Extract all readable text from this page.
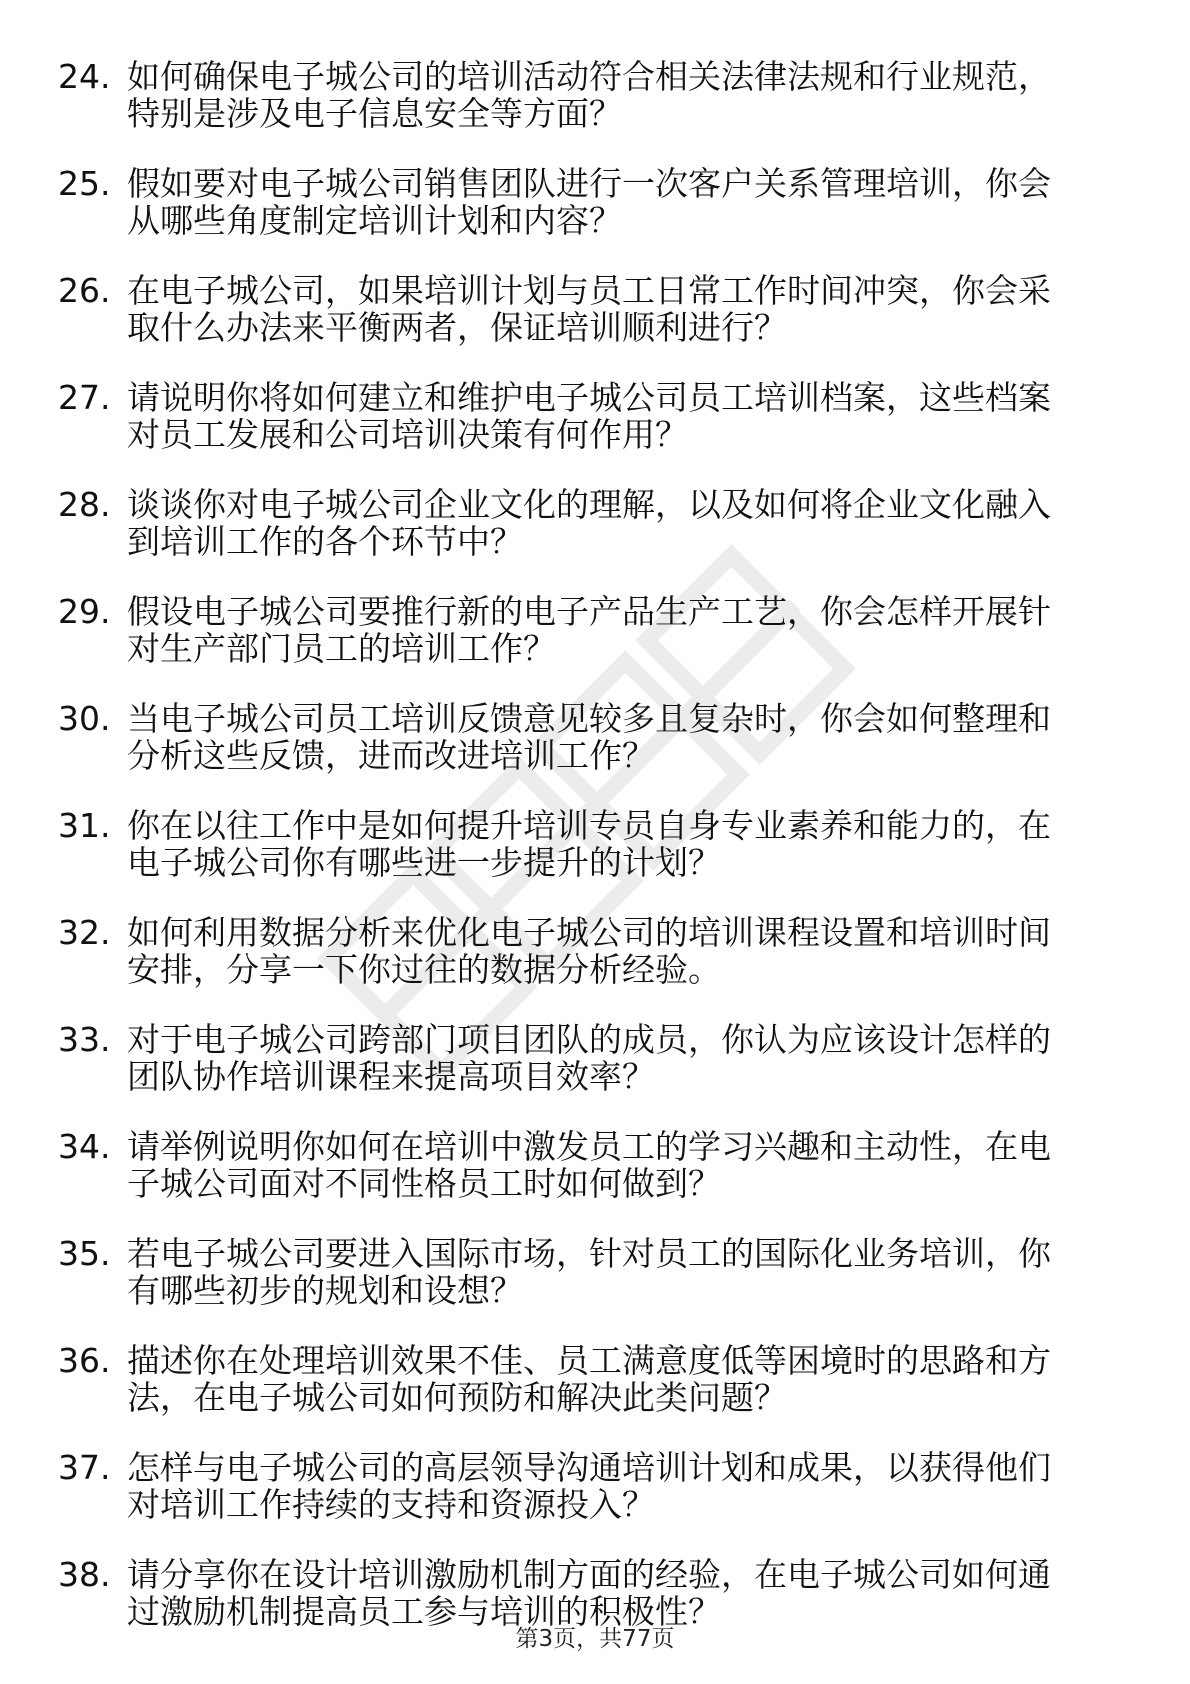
24. 如何确保电子城公司的培训活动符合相关法律法规和行业规范，
特别是涉及电子信息安全等方面？
25. 假如要对电子城公司销售团队进行一次客户关系管理培训，你会
从哪些角度制定培训计划和内容？
26. 在电子城公司，如果培训计划与员工日常工作时间冲突，你会采
取什么办法来平衡两者，保证培训顺利进行？
27. 请说明你将如何建立和维护电子城公司员工培训档案，这些档案
对员工发展和公司培训决策有何作用？
28. 谈谈你对电子城公司企业文化的理解，以及如何将企业文化融入
到培训工作的各个环节中？
29. 假设电子城公司要推行新的电子产品生产工艺，你会怎样开展针
对生产部门员工的培训工作？
30. 当电子城公司员工培训反馈意见较多且复杂时，你会如何整理和
分析这些反馈，进而改进培训工作？
31. 你在以往工作中是如何提升培训专员自身专业素养和能力的，在
电子城公司你有哪些进一步提升的计划？
32. 如何利用数据分析来优化电子城公司的培训课程设置和培训时间
安排，分享一下你过往的数据分析经验。
33. 对于电子城公司跨部门项目团队的成员，你认为应该设计怎样的
团队协作培训课程来提高项目效率？
34. 请举例说明你如何在培训中激发员工的学习兴趣和主动性，在电
子城公司面对不同性格员工时如何做到？
35. 若电子城公司要进入国际市场，针对员工的国际化业务培训，你
有哪些初步的规划和设想？
36. 描述你在处理培训效果不佳、员工满意度低等困境时的思路和方
法，在电子城公司如何预防和解决此类问题？
37. 怎样与电子城公司的高层领导沟通培训计划和成果，以获得他们
对培训工作持续的支持和资源投入？
38. 请分享你在设计培训激励机制方面的经验，在电子城公司如何通
过激励机制提高员工参与培训的积极性？
第3页，共77页
